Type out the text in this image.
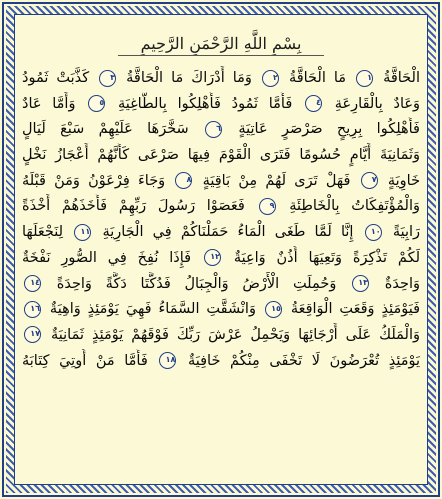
بِسْمِ اللَّهِ الرَّحْمَنِ الرَّحِيمِ
الْحَاقَّةُ ١ مَا الْحَاقَّةُ ٢ وَمَا أَدْرَاكَ مَا الْحَاقَّةُ ٣ كَذَّبَتْ ثَمُودُ
وَعَادٌ بِالْقَارِعَةِ ٤ فَأَمَّا ثَمُودُ فَأُهْلِكُوا بِالطَّاغِيَةِ ٥ وَأَمَّا عَادٌ
فَأُهْلِكُوا بِرِيحٍ صَرْصَرٍ عَاتِيَةٍ ٦ سَخَّرَهَا عَلَيْهِمْ سَبْعَ لَيَالٍ
وَثَمَانِيَةَ أَيَّامٍ حُسُومًا فَتَرَى الْقَوْمَ فِيهَا صَرْعَى كَأَنَّهُمْ أَعْجَازُ نَخْلٍ
خَاوِيَةٍ ٧ فَهَلْ تَرَى لَهُمْ مِنْ بَاقِيَةٍ ٨ وَجَاءَ فِرْعَوْنُ وَمَنْ قَبْلَهُ
وَالْمُؤْتَفِكَاتُ بِالْخَاطِئَةِ ٩ فَعَصَوْا رَسُولَ رَبِّهِمْ فَأَخَذَهُمْ أَخْذَةً
رَابِيَةً ١٠ إِنَّا لَمَّا طَغَى الْمَاءُ حَمَلْنَاكُمْ فِي الْجَارِيَةِ ١١ لِنَجْعَلَهَا
لَكُمْ تَذْكِرَةً وَتَعِيَهَا أُذُنٌ وَاعِيَةٌ ١٢ فَإِذَا نُفِخَ فِي الصُّورِ نَفْخَةٌ
وَاحِدَةٌ ١٣ وَحُمِلَتِ الْأَرْضُ وَالْجِبَالُ فَدُكَّتَا دَكَّةً وَاحِدَةً ١٤
فَيَوْمَئِذٍ وَقَعَتِ الْوَاقِعَةُ ١٥ وَانْشَقَّتِ السَّمَاءُ فَهِيَ يَوْمَئِذٍ وَاهِيَةٌ ١٦
وَالْمَلَكُ عَلَى أَرْجَائِهَا وَيَحْمِلُ عَرْشَ رَبِّكَ فَوْقَهُمْ يَوْمَئِذٍ ثَمَانِيَةٌ ١٧
يَوْمَئِذٍ تُعْرَضُونَ لَا تَخْفَى مِنْكُمْ خَافِيَةٌ ١٨ فَأَمَّا مَنْ أُوتِيَ كِتَابَهُ
